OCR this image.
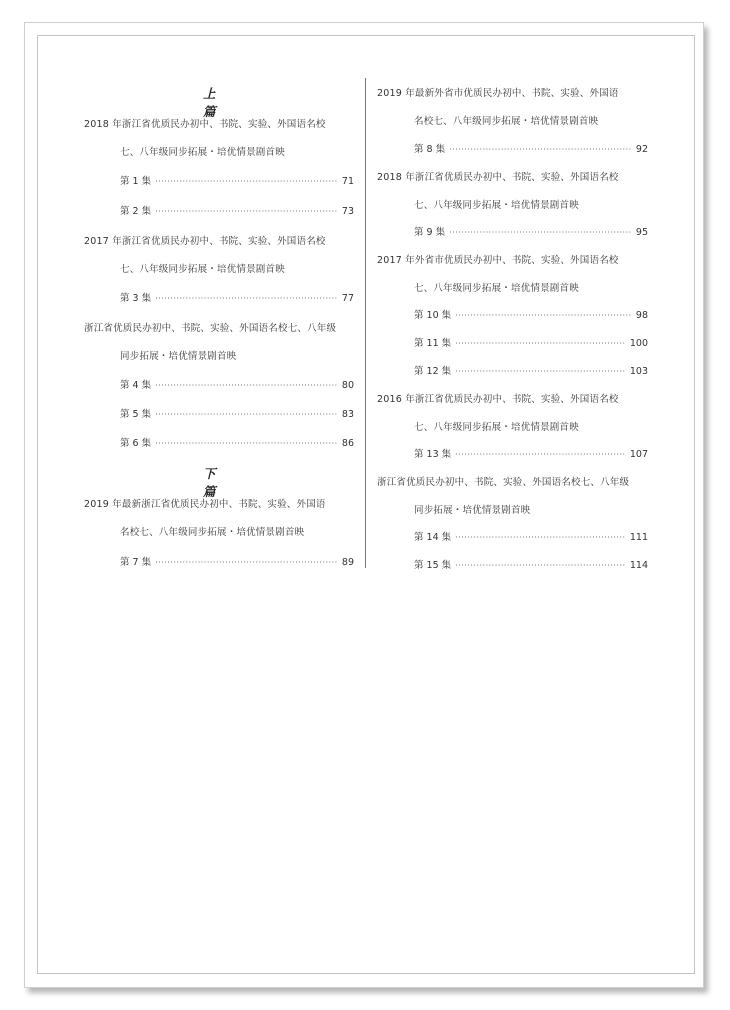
上篇
2018 年浙江省优质民办初中、书院、实验、外国语名校
七、八年级同步拓展・培优情景剧首映
第 1 集 ·····	71
第 2 集 ·····	73
2017 年浙江省优质民办初中、书院、实验、外国语名校
七、八年级同步拓展・培优情景剧首映
第 3 集 ·····	77
浙江省优质民办初中、书院、实验、外国语名校七、八年级
同步拓展・培优情景剧首映
第 4 集 ·····	80
第 5 集 ·····	83
第 6 集 ·····	86
下篇
2019 年最新浙江省优质民办初中、书院、实验、外国语
名校七、八年级同步拓展・培优情景剧首映
第 7 集 ·····	89
2019 年最新外省市优质民办初中、书院、实验、外国语
名校七、八年级同步拓展・培优情景剧首映
第 8 集 ·····	92
2018 年浙江省优质民办初中、书院、实验、外国语名校
七、八年级同步拓展・培优情景剧首映
第 9 集 ·····	95
2017 年外省市优质民办初中、书院、实验、外国语名校
七、八年级同步拓展・培优情景剧首映
第 10 集 ·····	98
第 11 集 ·····	100
第 12 集 ·····	103
2016 年浙江省优质民办初中、书院、实验、外国语名校
七、八年级同步拓展・培优情景剧首映
第 13 集 ·····	107
浙江省优质民办初中、书院、实验、外国语名校七、八年级
同步拓展・培优情景剧首映
第 14 集 ·····	111
第 15 集 ·····	114
